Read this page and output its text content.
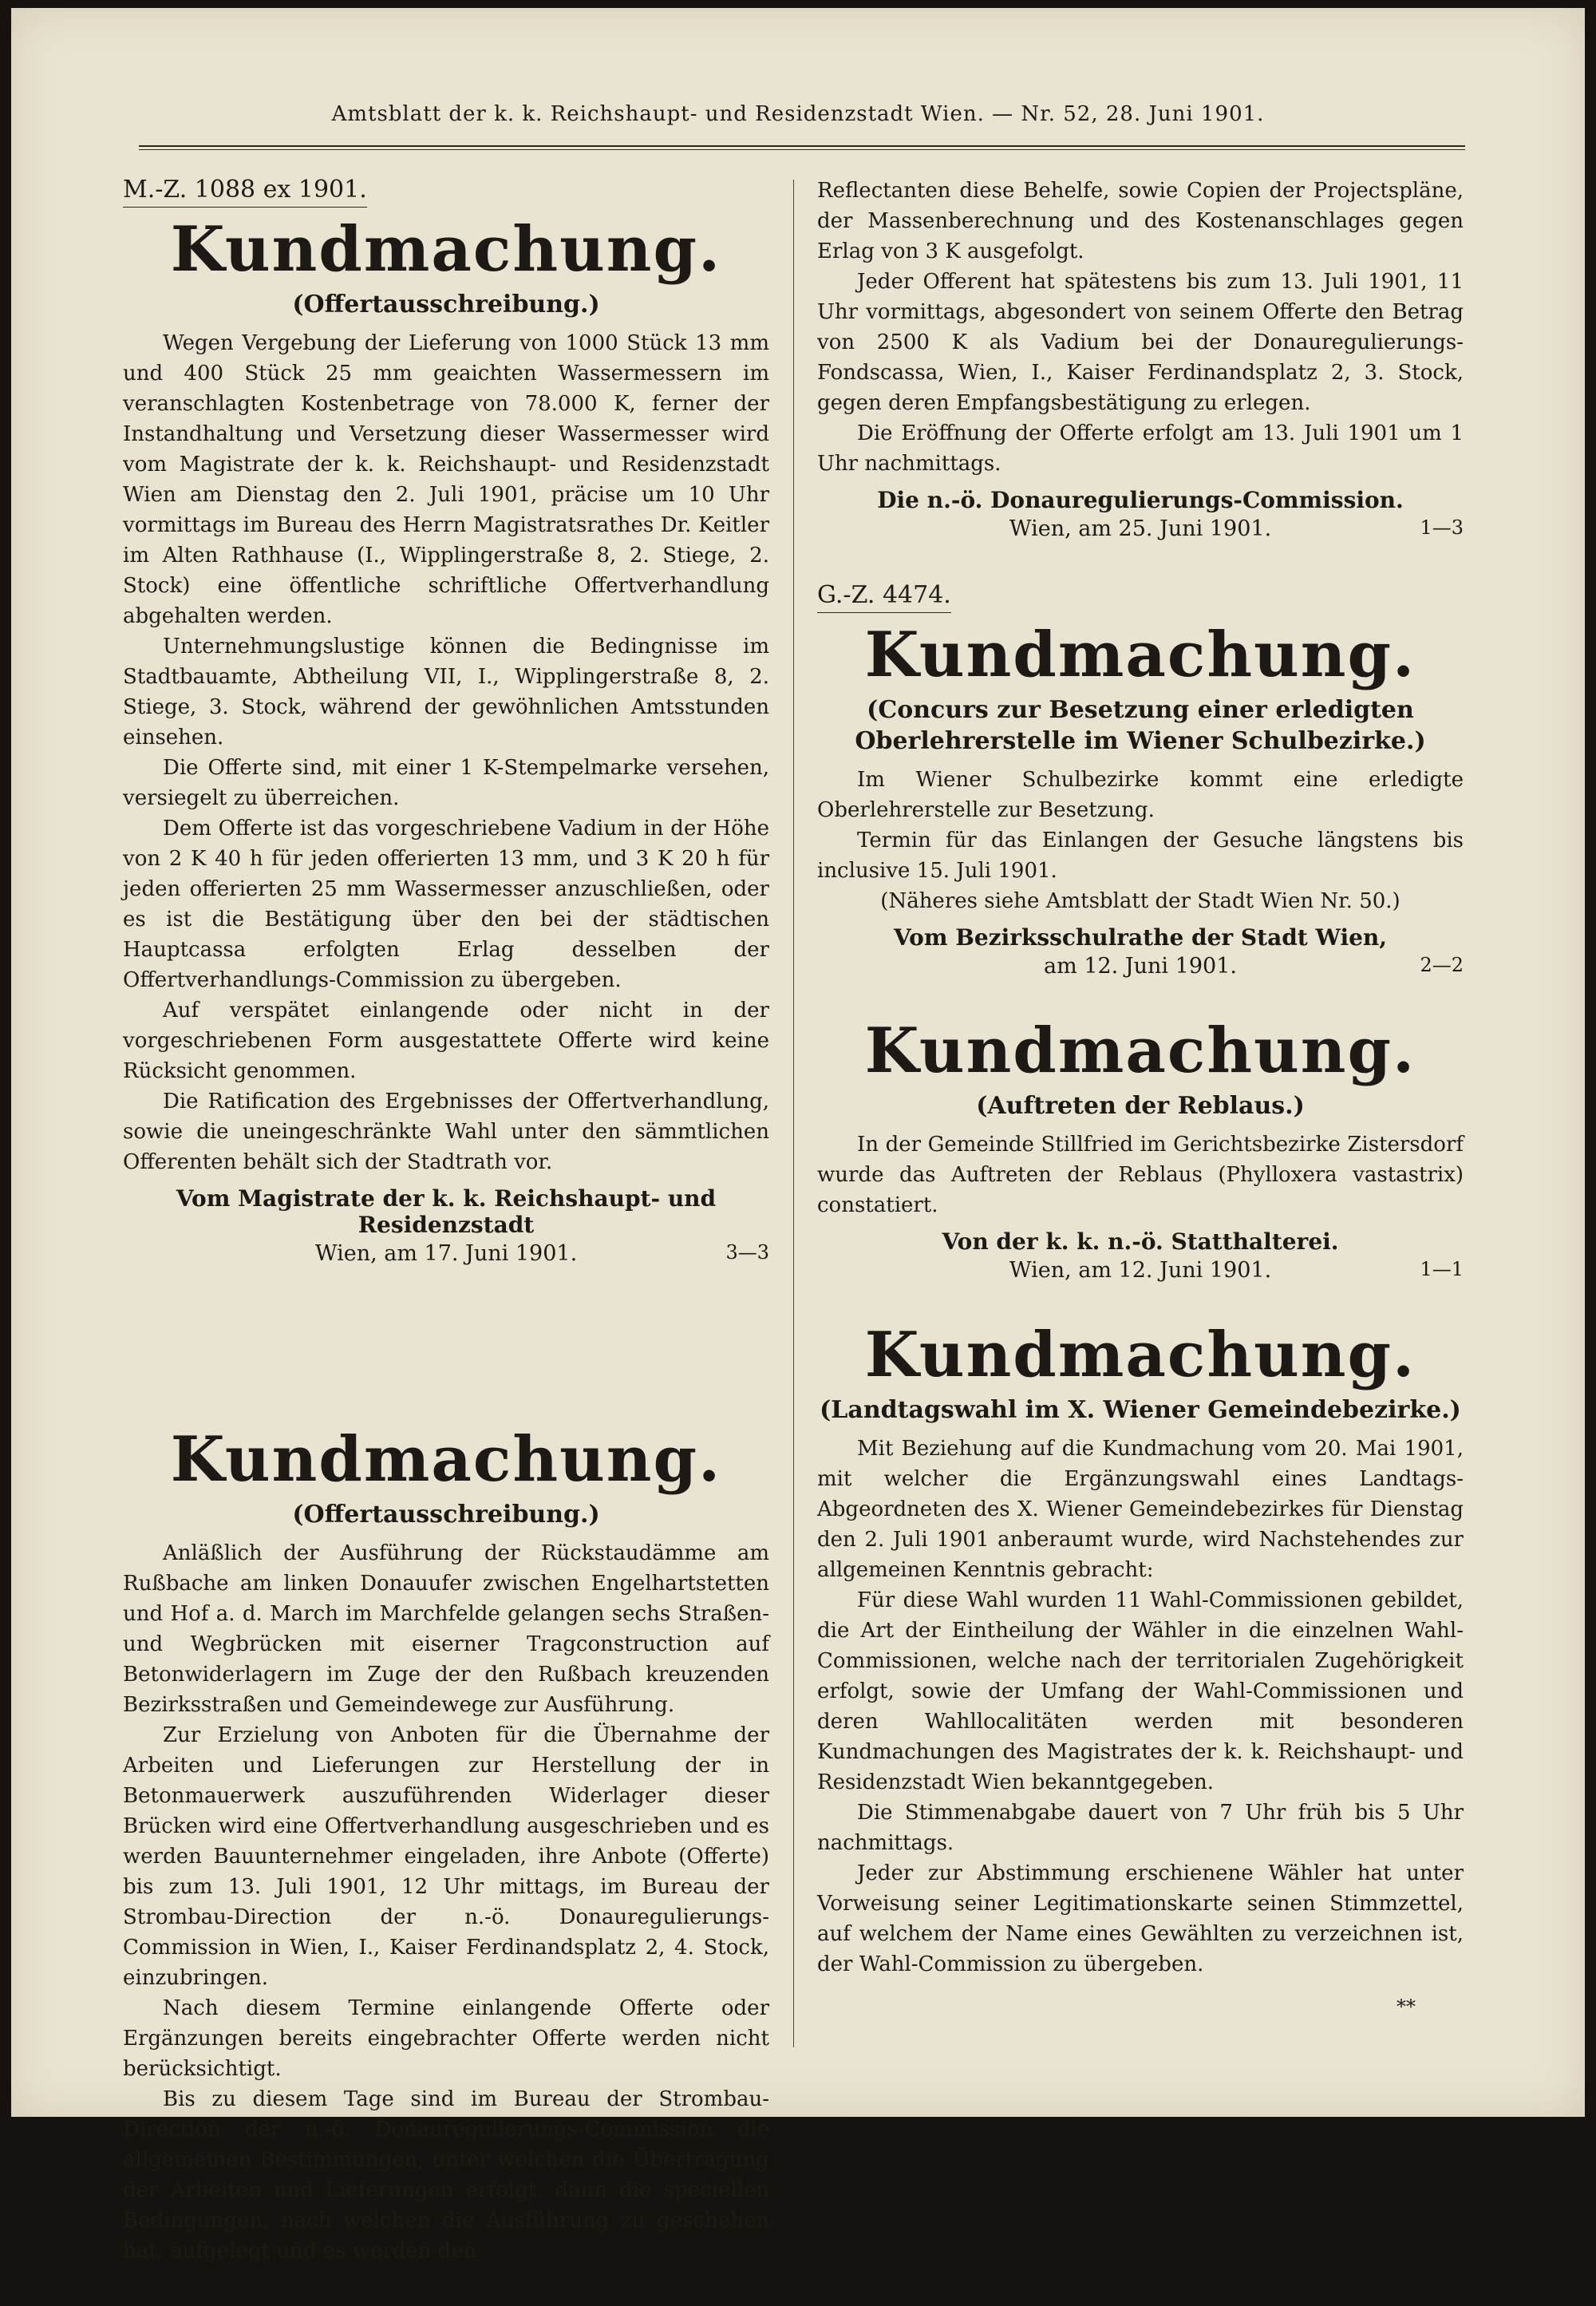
Amtsblatt der k. k. Reichshaupt- und Residenzstadt Wien. — Nr. 52, 28. Juni 1901.
M.-Z. 1088 ex 1901.
Kundmachung.
(Offertausschreibung.)

Wegen Vergebung der Lieferung von 1000 Stück 13 mm und 400 Stück 25 mm geaichten Wassermessern im veranschlagten Kostenbetrage von 78.000 K, ferner der Instandhaltung und Versetzung dieser Wassermesser wird vom Magistrate der k. k. Reichshaupt- und Residenzstadt Wien am Dienstag den 2. Juli 1901, präcise um 10 Uhr vormittags im Bureau des Herrn Magistratsrathes Dr. Keitler im Alten Rathhause (I., Wipplingerstraße 8, 2. Stiege, 2. Stock) eine öffentliche schriftliche Offertverhandlung abgehalten werden.

Unternehmungslustige können die Bedingnisse im Stadtbauamte, Abtheilung VII, I., Wipplingerstraße 8, 2. Stiege, 3. Stock, während der gewöhnlichen Amtsstunden einsehen.

Die Offerte sind, mit einer 1 K-Stempelmarke versehen, versiegelt zu überreichen.

Dem Offerte ist das vorgeschriebene Vadium in der Höhe von 2 K 40 h für jeden offerierten 13 mm, und 3 K 20 h für jeden offerierten 25 mm Wassermesser anzuschließen, oder es ist die Bestätigung über den bei der städtischen Hauptcassa erfolgten Erlag desselben der Offertverhandlungs-Commission zu übergeben.

Auf verspätet einlangende oder nicht in der vorgeschriebenen Form ausgestattete Offerte wird keine Rücksicht genommen.

Die Ratification des Ergebnisses der Offertverhandlung, sowie die uneingeschränkte Wahl unter den sämmtlichen Offerenten behält sich der Stadtrath vor.

Vom Magistrate der k. k. Reichshaupt- und Residenzstadt
Wien, am 17. Juni 1901.	3—3
Kundmachung.
(Offertausschreibung.)

Anläßlich der Ausführung der Rückstaudämme am Rußbache am linken Donauufer zwischen Engelhartstetten und Hof a. d. March im Marchfelde gelangen sechs Straßen- und Wegbrücken mit eiserner Tragconstruction auf Betonwiderlagern im Zuge der den Rußbach kreuzenden Bezirksstraßen und Gemeindewege zur Ausführung.

Zur Erzielung von Anboten für die Übernahme der Arbeiten und Lieferungen zur Herstellung der in Betonmauerwerk auszuführenden Widerlager dieser Brücken wird eine Offertverhandlung ausgeschrieben und es werden Bauunternehmer eingeladen, ihre Anbote (Offerte) bis zum 13. Juli 1901, 12 Uhr mittags, im Bureau der Strombau-Direction der n.-ö. Donauregulierungs-Commission in Wien, I., Kaiser Ferdinandsplatz 2, 4. Stock, einzubringen.

Nach diesem Termine einlangende Offerte oder Ergänzungen bereits eingebrachter Offerte werden nicht berücksichtigt.

Bis zu diesem Tage sind im Bureau der Strombau-Direction der n.-ö. Donauregulierungs-Commission die allgemeinen Bestimmungen, unter welchen die Übertragung der Arbeiten und Lieferungen erfolgt, dann die speciellen Bedingungen, nach welchen die Ausführung zu geschehen hat, aufgelegt und es werden den

Reflectanten diese Behelfe, sowie Copien der Projectspläne, der Massenberechnung und des Kostenanschlages gegen Erlag von 3 K ausgefolgt.

Jeder Offerent hat spätestens bis zum 13. Juli 1901, 11 Uhr vormittags, abgesondert von seinem Offerte den Betrag von 2500 K als Vadium bei der Donauregulierungs-Fondscassa, Wien, I., Kaiser Ferdinandsplatz 2, 3. Stock, gegen deren Empfangsbestätigung zu erlegen.

Die Eröffnung der Offerte erfolgt am 13. Juli 1901 um 1 Uhr nachmittags.

Die n.-ö. Donauregulierungs-Commission.
Wien, am 25. Juni 1901.	1—3
G.-Z. 4474.
Kundmachung.
(Concurs zur Besetzung einer erledigten Oberlehrerstelle im Wiener Schulbezirke.)

Im Wiener Schulbezirke kommt eine erledigte Oberlehrerstelle zur Besetzung.

Termin für das Einlangen der Gesuche längstens bis inclusive 15. Juli 1901.

(Näheres siehe Amtsblatt der Stadt Wien Nr. 50.)

Vom Bezirksschulrathe der Stadt Wien,
am 12. Juni 1901.	2—2
Kundmachung.
(Auftreten der Reblaus.)

In der Gemeinde Stillfried im Gerichtsbezirke Zistersdorf wurde das Auftreten der Reblaus (Phylloxera vastastrix) constatiert.

Von der k. k. n.-ö. Statthalterei.
Wien, am 12. Juni 1901.	1—1
Kundmachung.
(Landtagswahl im X. Wiener Gemeindebezirke.)

Mit Beziehung auf die Kundmachung vom 20. Mai 1901, mit welcher die Ergänzungswahl eines Landtags-Abgeordneten des X. Wiener Gemeindebezirkes für Dienstag den 2. Juli 1901 anberaumt wurde, wird Nachstehendes zur allgemeinen Kenntnis gebracht:

Für diese Wahl wurden 11 Wahl-Commissionen gebildet, die Art der Eintheilung der Wähler in die einzelnen Wahl-Commissionen, welche nach der territorialen Zugehörigkeit erfolgt, sowie der Umfang der Wahl-Commissionen und deren Wahllocalitäten werden mit besonderen Kundmachungen des Magistrates der k. k. Reichshaupt- und Residenzstadt Wien bekanntgegeben.

Die Stimmenabgabe dauert von 7 Uhr früh bis 5 Uhr nachmittags.

Jeder zur Abstimmung erschienene Wähler hat unter Vorweisung seiner Legitimationskarte seinen Stimmzettel, auf welchem der Name eines Gewählten zu verzeichnen ist, der Wahl-Commission zu übergeben.

**
